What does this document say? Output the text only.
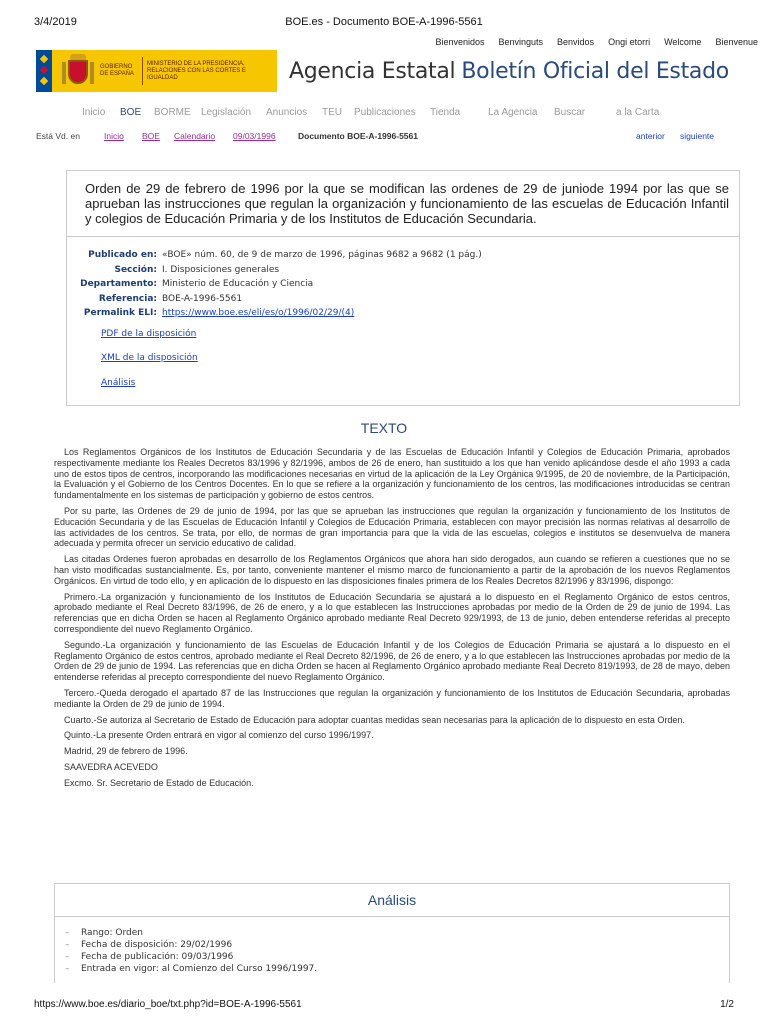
3/4/2019	BOE.es - Documento BOE-A-1996-5561
Bienvenidos Benvinguts Benvidos Ongi etorri Welcome Bienvenue
GOBIERNO DE ESPAÑA
MINISTERIO DE LA PRESIDENCIA, RELACIONES CON LAS CORTES E IGUALDAD	Agencia Estatal Boletín Oficial del Estado
Inicio BOE BORME Legislación Anuncios TEU Publicaciones Tienda	La Agencia Buscar	a la Carta
Está Vd. en	Inicio BOE Calendario 09/03/1996	Documento BOE-A-1996-5561	anterior siguiente
Orden de 29 de febrero de 1996 por la que se modifican las ordenes de 29 de juniode 1994 por las que se aprueban las instrucciones que regulan la organización y funcionamiento de las escuelas de Educación Infantil y colegios de Educación Primaria y de los Institutos de Educación Secundaria.
Publicado en: «BOE» núm. 60, de 9 de marzo de 1996, páginas 9682 a 9682 (1 pág.)
Sección: I. Disposiciones generales
Departamento: Ministerio de Educación y Ciencia
Referencia: BOE-A-1996-5561
Permalink ELI: https://www.boe.es/eli/es/o/1996/02/29/(4)
PDF de la disposición
XML de la disposición
Análisis
TEXTO

Los Reglamentos Orgánicos de los Institutos de Educación Secundaria y de las Escuelas de Educación Infantil y Colegios de Educación Primaria, aprobados respectivamente mediante los Reales Decretos 83/1996 y 82/1996, ambos de 26 de enero, han sustituido a los que han venido aplicándose desde el año 1993 a cada uno de estos tipos de centros, incorporando las modificaciones necesarias en virtud de la aplicación de la Ley Orgánica 9/1995, de 20 de noviembre, de la Participación, la Evaluación y el Gobierno de los Centros Docentes. En lo que se refiere a la organización y funcionamiento de los centros, las modificaciones introducidas se centran fundamentalmente en los sistemas de participación y gobierno de estos centros.

Por su parte, las Ordenes de 29 de junio de 1994, por las que se aprueban las instrucciones que regulan la organización y funcionamiento de los Institutos de Educación Secundaria y de las Escuelas de Educación Infantil y Colegios de Educación Primaria, establecen con mayor precisión las normas relativas al desarrollo de las actividades de los centros. Se trata, por ello, de normas de gran importancia para que la vida de las escuelas, colegios e institutos se desenvuelva de manera adecuada y permita ofrecer un servicio educativo de calidad.

Las citadas Ordenes fueron aprobadas en desarrollo de los Reglamentos Orgánicos que ahora han sido derogados, aun cuando se refieren a cuestiones que no se han visto modificadas sustancialmente. Es, por tanto, conveniente mantener el mismo marco de funcionamiento a partir de la aprobación de los nuevos Reglamentos Orgánicos. En virtud de todo ello, y en aplicación de lo dispuesto en las disposiciones finales primera de los Reales Decretos 82/1996 y 83/1996, dispongo:

Primero.-La organización y funcionamiento de los Institutos de Educación Secundaria se ajustará a lo dispuesto en el Reglamento Orgánico de estos centros, aprobado mediante el Real Decreto 83/1996, de 26 de enero, y a lo que establecen las Instrucciones aprobadas por medio de la Orden de 29 de junio de 1994. Las referencias que en dicha Orden se hacen al Reglamento Orgánico aprobado mediante Real Decreto 929/1993, de 13 de junio, deben entenderse referidas al precepto correspondiente del nuevo Reglamento Orgánico.

Segundo.-La organización y funcionamiento de las Escuelas de Educación Infantil y de los Colegios de Educación Primaria se ajustará a lo dispuesto en el Reglamento Orgánico de estos centros, aprobado mediante el Real Decreto 82/1996, de 26 de enero, y a lo que establecen las Instrucciones aprobadas por medio de la Orden de 29 de junio de 1994. Las referencias que en dicha Orden se hacen al Reglamento Orgánico aprobado mediante Real Decreto 819/1993, de 28 de mayo, deben entenderse referidas al precepto correspondiente del nuevo Reglamento Orgánico.

Tercero.-Queda derogado el apartado 87 de las Instrucciones que regulan la organización y funcionamiento de los Institutos de Educación Secundaria, aprobadas mediante la Orden de 29 de junio de 1994.

Cuarto.-Se autoriza al Secretario de Estado de Educación para adoptar cuantas medidas sean necesarias para la aplicación de lo dispuesto en esta Orden.

Quinto.-La presente Orden entrará en vigor al comienzo del curso 1996/1997.

Madrid, 29 de febrero de 1996.

SAAVEDRA ACEVEDO

Excmo. Sr. Secretario de Estado de Educación.

Análisis
– Rango: Orden
– Fecha de disposición: 29/02/1996
– Fecha de publicación: 09/03/1996
– Entrada en vigor: al Comienzo del Curso 1996/1997.
https://www.boe.es/diario_boe/txt.php?id=BOE-A-1996-5561	1/2
